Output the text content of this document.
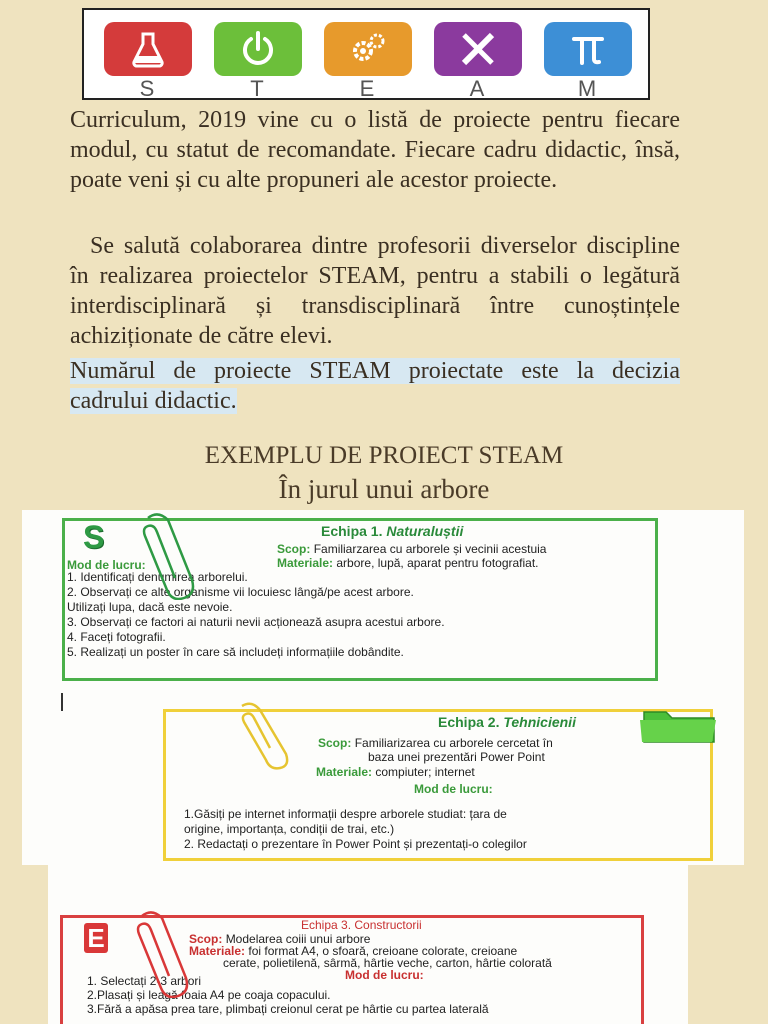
S	T	E	A	M

Curriculum, 2019 vine cu o listă de proiecte pentru fiecare modul, cu statut de recomandate. Fiecare cadru didactic, însă, poate veni și cu alte propuneri ale acestor proiecte.

Se salută colaborarea dintre profesorii diverselor discipline în realizarea proiectelor STEAM, pentru a stabili o legătură interdisciplinară și transdisciplinară între cunoștințele achiziționate de către elevi.

Numărul de proiecte STEAM proiectate este la decizia cadrului didactic.

EXEMPLU DE PROIECT STEAM
În jurul unui arbore
Echipa 1. Naturaluștii
Scop: Familiarzarea cu arborele și vecinii acestuia
Materiale: arbore, lupă, aparat pentru fotografiat.
Mod de lucru:
1. Identificați denumirea arborelui.
2. Observați ce alte organisme vii locuiesc lângă/pe acest arbore.
Utilizați lupa, dacă este nevoie.
3. Observați ce factori ai naturii nevii acționează asupra acestui arbore.
4. Faceți fotografii.
5. Realizați un poster în care să includeți informațiile dobândite.
S
Echipa 2. Tehnicienii
Scop: Familiarizarea cu arborele cercetat în
baza unei prezentări Power Point
Materiale: compiuter; internet
Mod de lucru:
1.Găsiți pe internet informații despre arborele studiat: țara de
origine, importanța, condiții de trai, etc.)
2. Redactați o prezentare în Power Point și prezentați-o colegilor
Echipa 3. Constructorii
Scop: Modelarea coiii unui arbore
Materiale: foi format A4, o sfoară, creioane colorate, creioane
cerate, polietilenă, sârmă, hârtie veche, carton, hârtie colorată
Mod de lucru:
1. Selectați 2-3 arbori
2.Plasați și leagă foaia A4 pe coaja copacului.
3.Fără a apăsa prea tare, plimbați creionul cerat pe hârtie cu partea laterală
E
